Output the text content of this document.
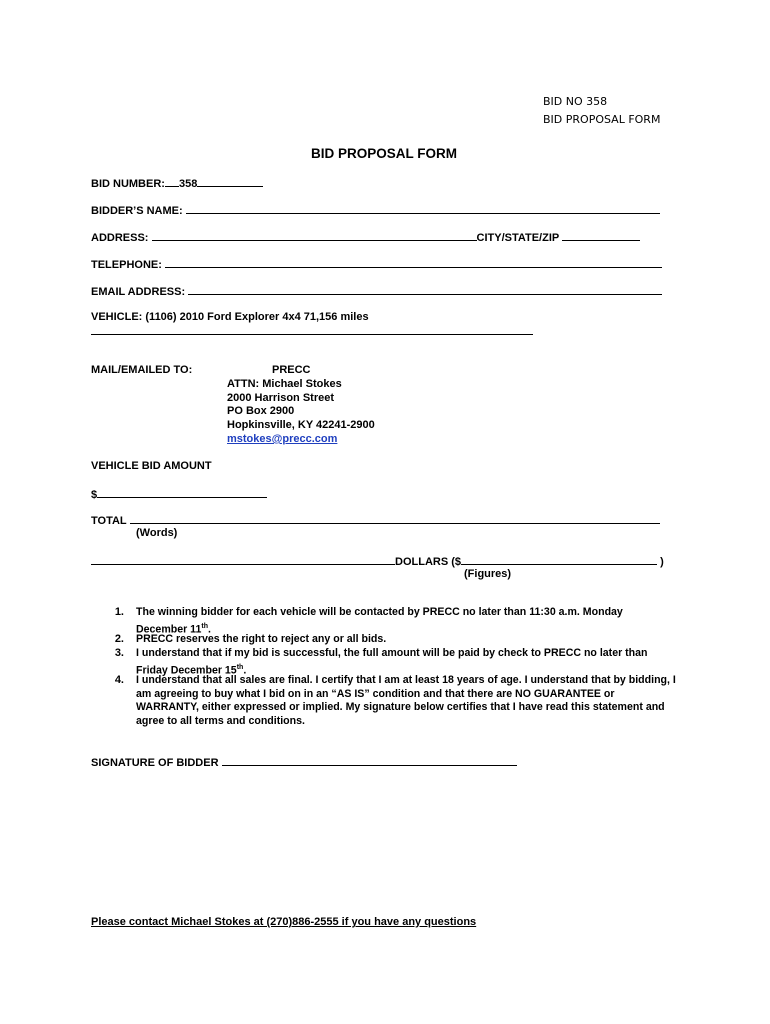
BID NO 358
BID PROPOSAL FORM
BID PROPOSAL FORM
BID NUMBER: 358
BIDDER’S NAME:
ADDRESS:	CITY/STATE/ZIP
TELEPHONE:
EMAIL ADDRESS:
VEHICLE: (1106) 2010 Ford Explorer 4x4 71,156 miles
MAIL/EMAILED TO:	PRECC
ATTN: Michael Stokes
2000 Harrison Street
PO Box 2900
Hopkinsville, KY 42241-2900
mstokes@precc.com
VEHICLE BID AMOUNT
$
TOTAL
(Words)
DOLLARS ($	)
(Figures)
1. The winning bidder for each vehicle will be contacted by PRECC no later than 11:30 a.m. Monday December 11th.
2. PRECC reserves the right to reject any or all bids.
3. I understand that if my bid is successful, the full amount will be paid by check to PRECC no later than Friday December 15th.
4. I understand that all sales are final. I certify that I am at least 18 years of age. I understand that by bidding, I am agreeing to buy what I bid on in an “AS IS” condition and that there are NO GUARANTEE or WARRANTY, either expressed or implied. My signature below certifies that I have read this statement and agree to all terms and conditions.
SIGNATURE OF BIDDER
Please contact Michael Stokes at (270)886-2555 if you have any questions
